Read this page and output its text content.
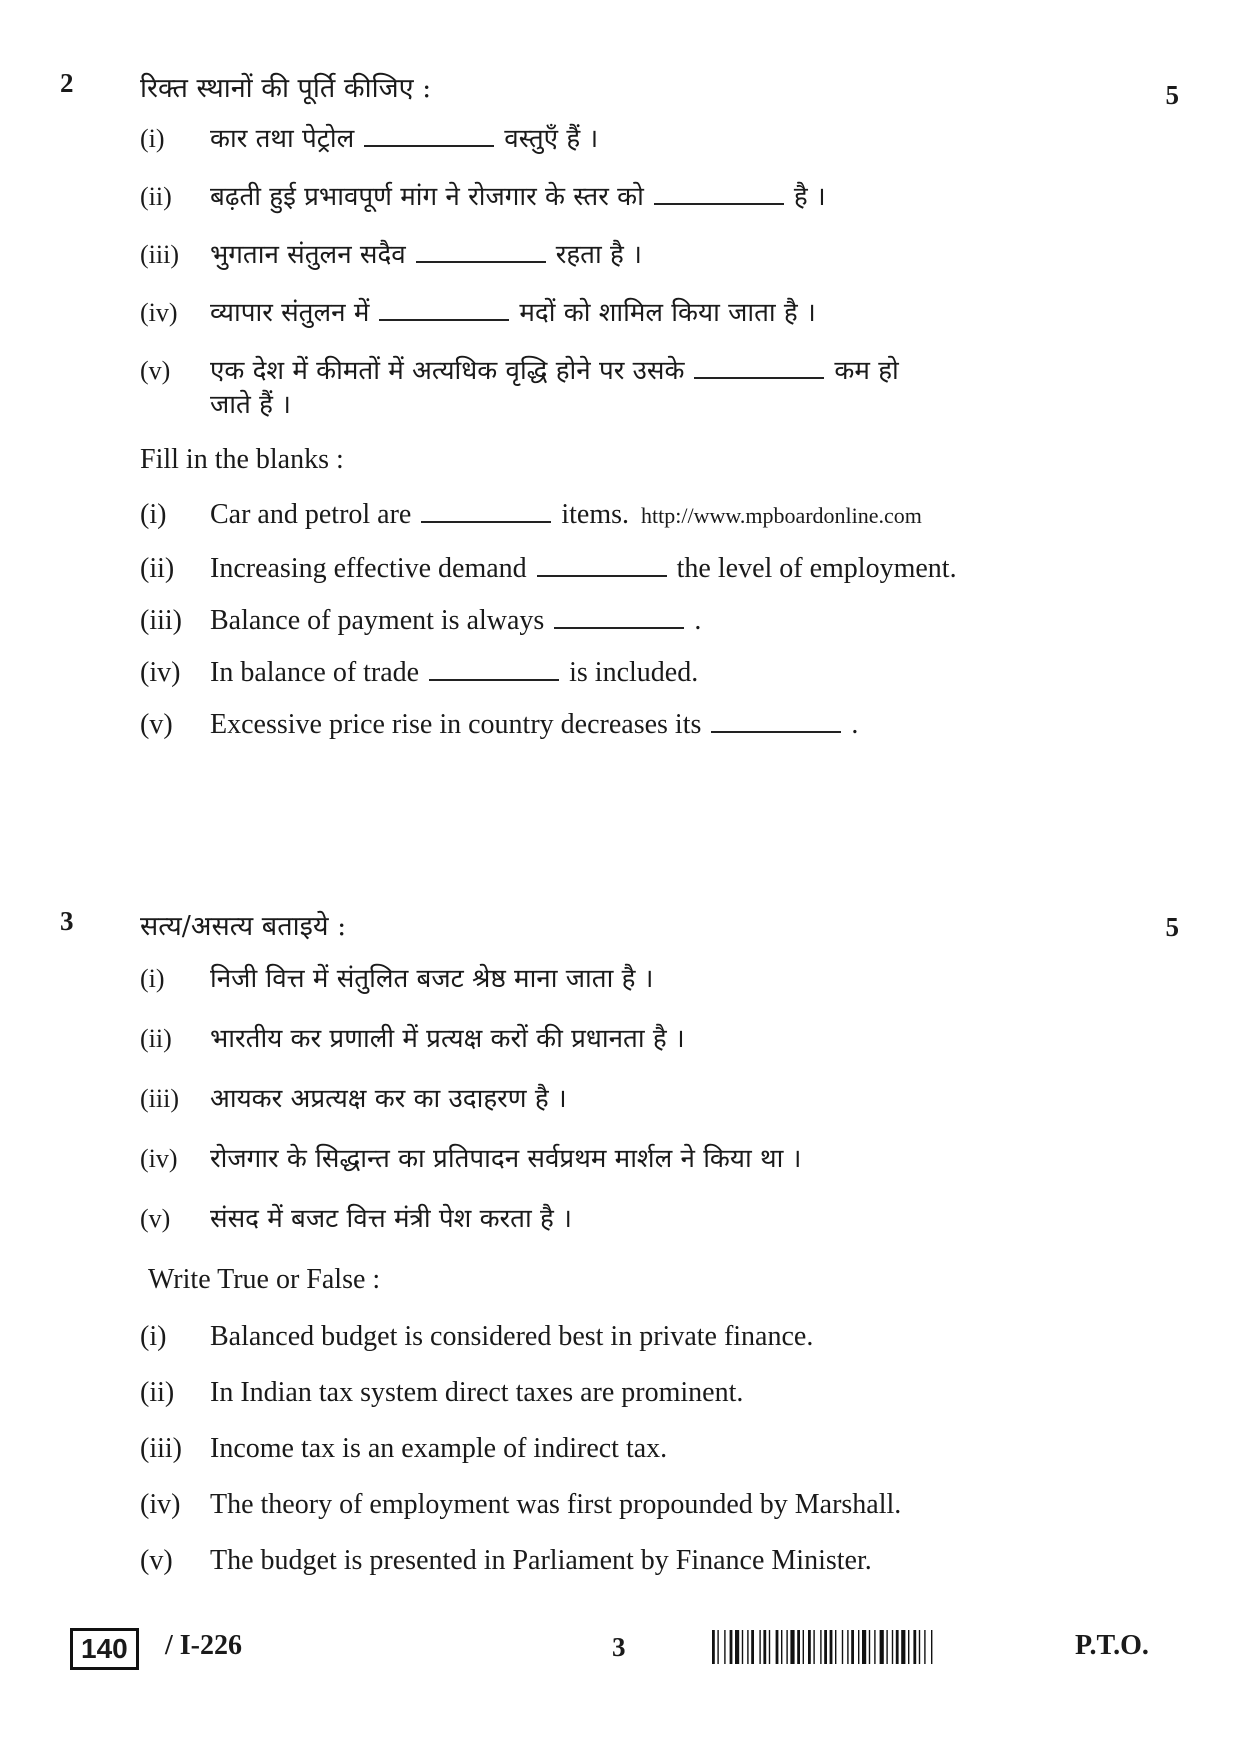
2 रिक्त स्थानों की पूर्ति कीजिए :	5
(i)	कार तथा पेट्रोल	वस्तुएँ हैं ।
(ii)	बढ़ती हुई प्रभावपूर्ण मांग ने रोजगार के स्तर को	है ।
(iii)	भुगतान संतुलन सदैव	रहता है ।
(iv)	व्यापार संतुलन में	मदों को शामिल किया जाता है ।
(v)	एक देश में कीमतों में अत्यधिक वृद्धि होने पर उसके	कम हो
जाते हैं ।
Fill in the blanks :
(i)	Car and petrol are	items. http://www.mpboardonline.com
(ii)	Increasing effective demand	the level of employment.
(iii)	Balance of payment is always	.
(iv)	In balance of trade	is included.
(v)	Excessive price rise in country decreases its	.
3 सत्य/असत्य बताइये :	5
(i)	निजी वित्त में संतुलित बजट श्रेष्ठ माना जाता है ।
(ii)	भारतीय कर प्रणाली में प्रत्यक्ष करों की प्रधानता है ।
(iii)	आयकर अप्रत्यक्ष कर का उदाहरण है ।
(iv)	रोजगार के सिद्धान्त का प्रतिपादन सर्वप्रथम मार्शल ने किया था ।
(v)	संसद में बजट वित्त मंत्री पेश करता है ।
Write True or False :
(i)	Balanced budget is considered best in private finance.
(ii)	In Indian tax system direct taxes are prominent.
(iii)	Income tax is an example of indirect tax.
(iv)	The theory of employment was first propounded by Marshall.
(v)	The budget is presented in Parliament by Finance Minister.
140	/ I-226	3	P.T.O.
